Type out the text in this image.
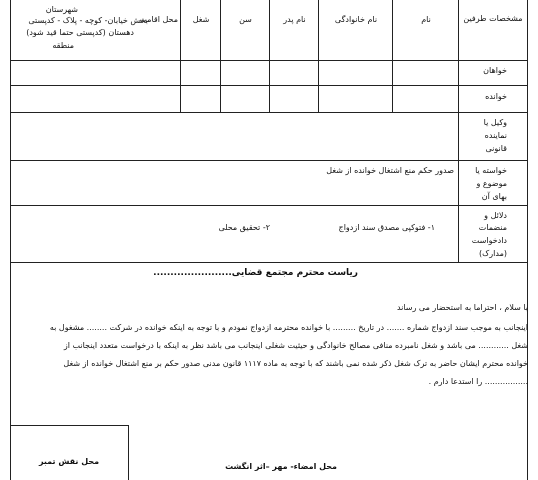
مشخصات طرفین
نام
نام خانوادگی
نام پدر
سن
شغل
محل اقامت
شهرستان
بخش خیابان- کوچه - پلاک - کدپستی
دهستان (کدپستی حتما قید شود)
منطقه
خواهان
خوانده
وکیل یا
نماینده
قانونی
خواسته یا
موضوع و
بهای آن
صدور حکم منع اشتغال خوانده از شغل
دلائل و
منضمات
دادخواست
(مدارک)
۱- فتوکپی مصدق سند ازدواج
۲- تحقیق محلی
ریاست محترم مجتمع قضایی.......................
با سلام ، احتراما به استحضار می رساند
اینجانب به موجب سند ازدواج شماره ....... در تاریخ ......... با خوانده محترمه ازدواج نمودم و با توجه به اینکه خوانده در شرکت ........ مشغول به
شغل ............ می باشد و شغل نامبرده منافی مصالح خانوادگی و حیثیت شغلی اینجانب می باشد نظر به اینکه با درخواست متعدد اینجانب از
خوانده محترم ایشان حاضر به ترک شغل ذکر شده نمی باشند که با توجه به ماده ۱۱۱۷ قانون مدنی صدور حکم بر منع اشتغال خوانده از شغل
................. را استدعا دارم .
محل نقش تمبر
محل امضاء- مهر –اثر انگشت
